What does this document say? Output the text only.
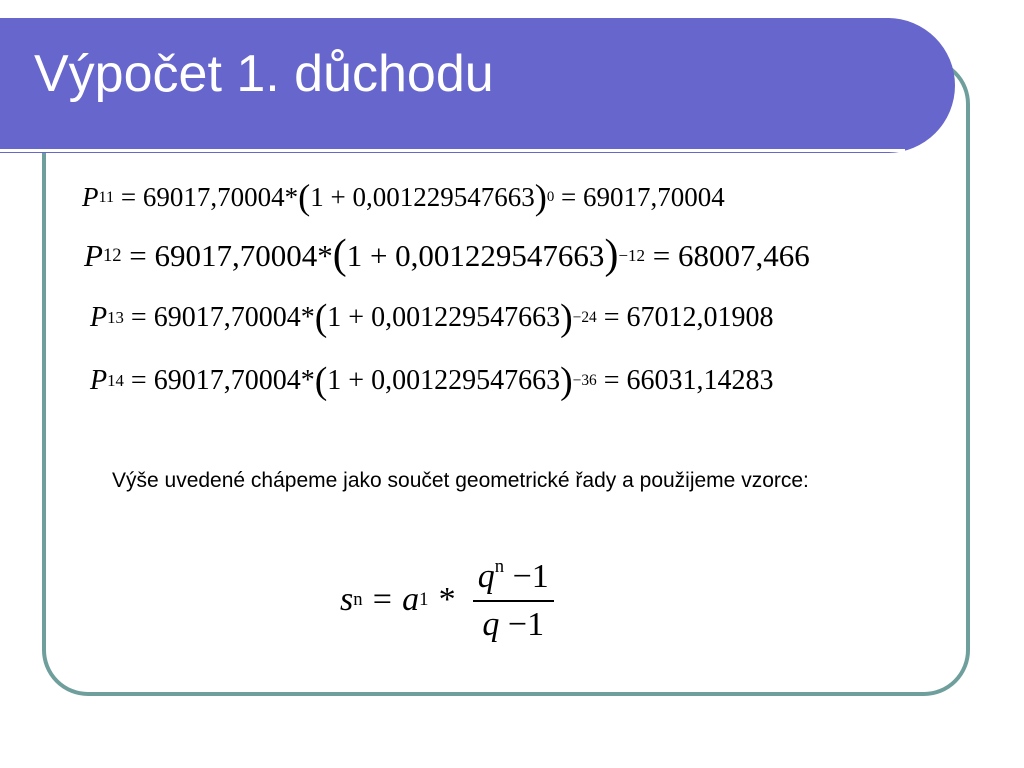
Výpočet 1. důchodu
P 11 = 69017,70004* ( 1 + 0,001229547663 ) 0 = 69017,70004
P 12 = 69017,70004* ( 1 + 0,001229547663 ) −12 = 68007,466
P 13 = 69017,70004* ( 1 + 0,001229547663 ) −24 = 67012,01908
P 14 = 69017,70004* ( 1 + 0,001229547663 ) −36 = 66031,14283

Výše uvedené chápeme jako součet geometrické řady a použijeme vzorce:

s n = a $1 * \frac{q^n -1}{q -1}$
